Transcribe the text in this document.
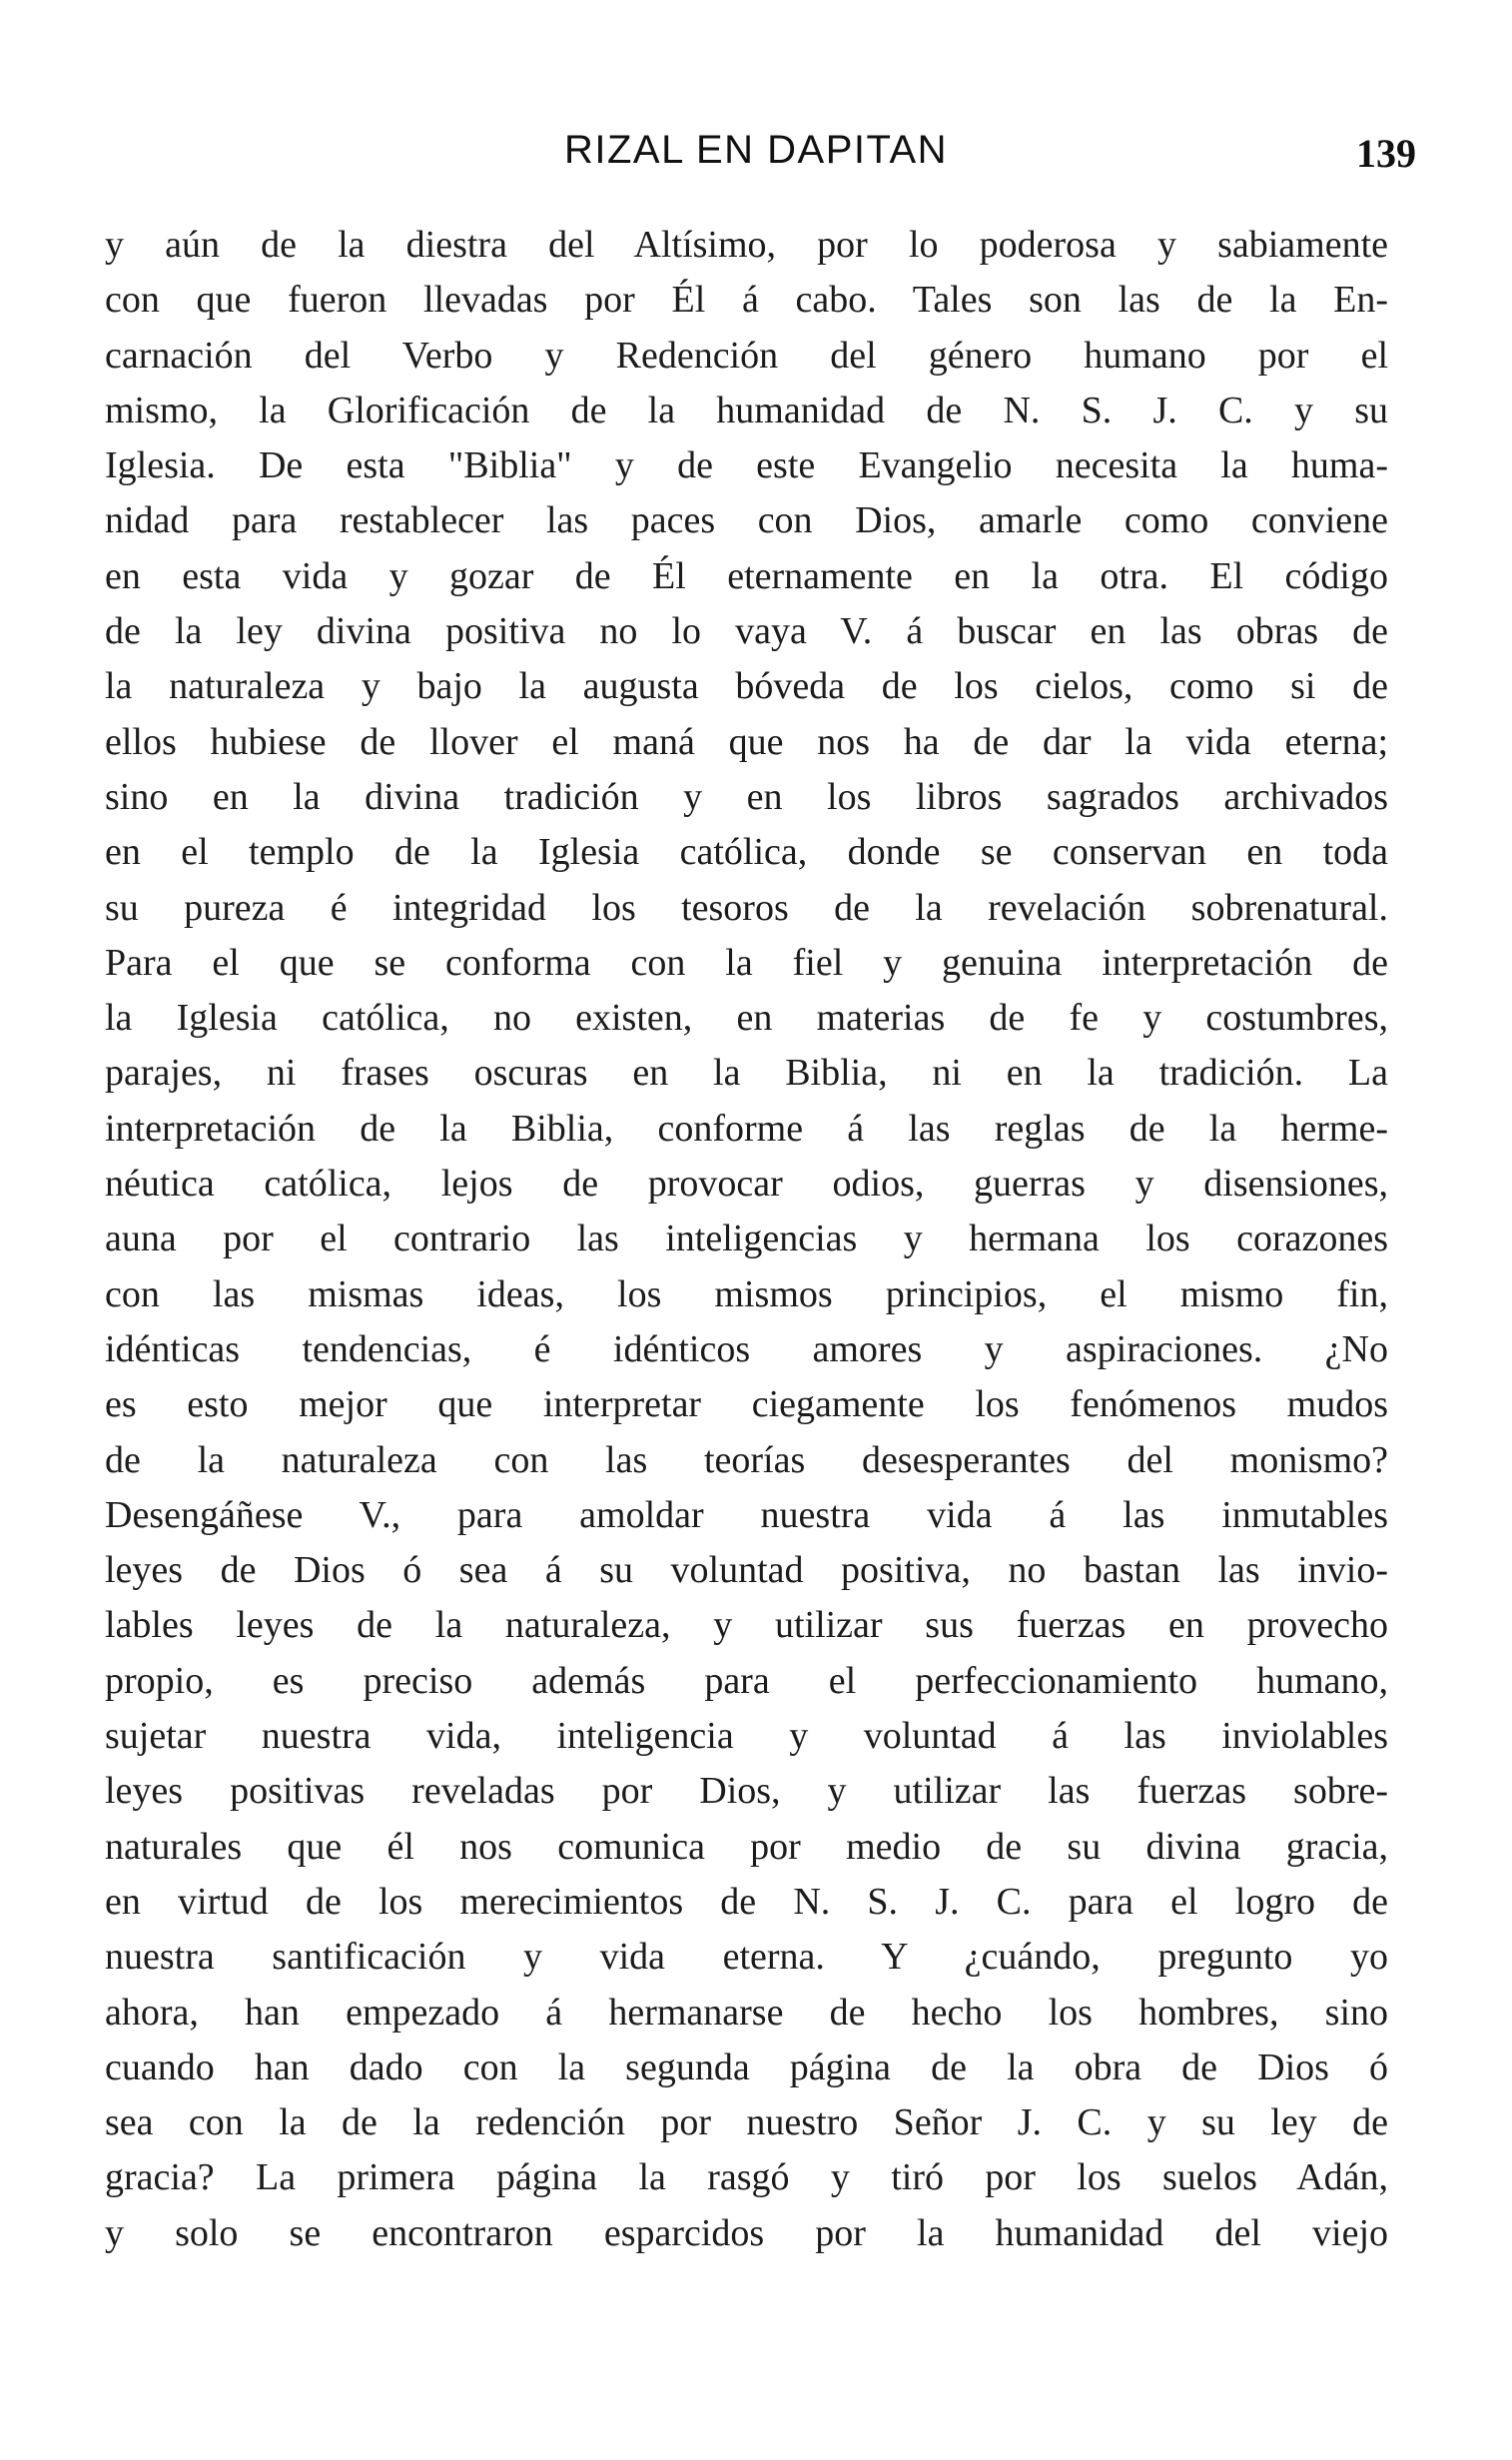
RIZAL EN DAPITAN	139
y aún de la diestra del Altísimo, por lo poderosa y sabiamente
con que fueron llevadas por Él á cabo. Tales son las de la En-
carnación del Verbo y Redención del género humano por el
mismo, la Glorificación de la humanidad de N. S. J. C. y su
Iglesia. De esta "Biblia" y de este Evangelio necesita la huma-
nidad para restablecer las paces con Dios, amarle como conviene
en esta vida y gozar de Él eternamente en la otra. El código
de la ley divina positiva no lo vaya V. á buscar en las obras de
la naturaleza y bajo la augusta bóveda de los cielos, como si de
ellos hubiese de llover el maná que nos ha de dar la vida eterna;
sino en la divina tradición y en los libros sagrados archivados
en el templo de la Iglesia católica, donde se conservan en toda
su pureza é integridad los tesoros de la revelación sobrenatural.
Para el que se conforma con la fiel y genuina interpretación de
la Iglesia católica, no existen, en materias de fe y costumbres,
parajes, ni frases oscuras en la Biblia, ni en la tradición. La
interpretación de la Biblia, conforme á las reglas de la herme-
néutica católica, lejos de provocar odios, guerras y disensiones,
auna por el contrario las inteligencias y hermana los corazones
con las mismas ideas, los mismos principios, el mismo fin,
idénticas tendencias, é idénticos amores y aspiraciones. ¿No
es esto mejor que interpretar ciegamente los fenómenos mudos
de la naturaleza con las teorías desesperantes del monismo?
Desengáñese V., para amoldar nuestra vida á las inmutables
leyes de Dios ó sea á su voluntad positiva, no bastan las invio-
lables leyes de la naturaleza, y utilizar sus fuerzas en provecho
propio, es preciso además para el perfeccionamiento humano,
sujetar nuestra vida, inteligencia y voluntad á las inviolables
leyes positivas reveladas por Dios, y utilizar las fuerzas sobre-
naturales que él nos comunica por medio de su divina gracia,
en virtud de los merecimientos de N. S. J. C. para el logro de
nuestra santificación y vida eterna. Y ¿cuándo, pregunto yo
ahora, han empezado á hermanarse de hecho los hombres, sino
cuando han dado con la segunda página de la obra de Dios ó
sea con la de la redención por nuestro Señor J. C. y su ley de
gracia? La primera página la rasgó y tiró por los suelos Adán,
y solo se encontraron esparcidos por la humanidad del viejo
